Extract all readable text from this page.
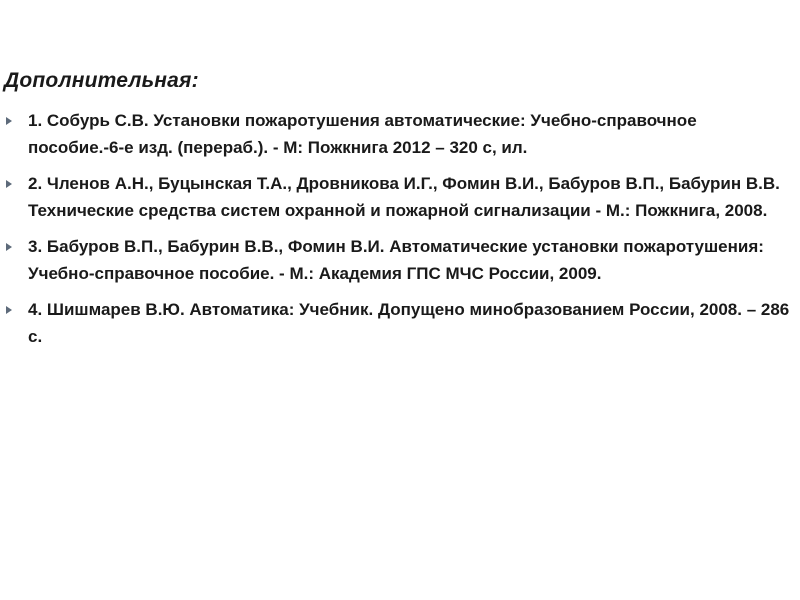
Дополнительная:
1. Собурь С.В. Установки пожаротушения автоматические: Учебно-справочное пособие.-6-е изд. (перераб.). - М: Пожкнига 2012 – 320 с, ил.
2. Членов А.Н., Буцынская Т.А., Дровникова И.Г., Фомин В.И., Бабуров В.П., Бабурин В.В. Технические средства систем охранной и пожарной сигнализации - М.: Пожкнига, 2008.
3. Бабуров В.П., Бабурин В.В., Фомин В.И. Автоматические установки пожаротушения: Учебно-справочное пособие. - М.: Академия ГПС МЧС России, 2009.
4. Шишмарев В.Ю. Автоматика: Учебник. Допущено минобразованием России, 2008. – 286 с.
